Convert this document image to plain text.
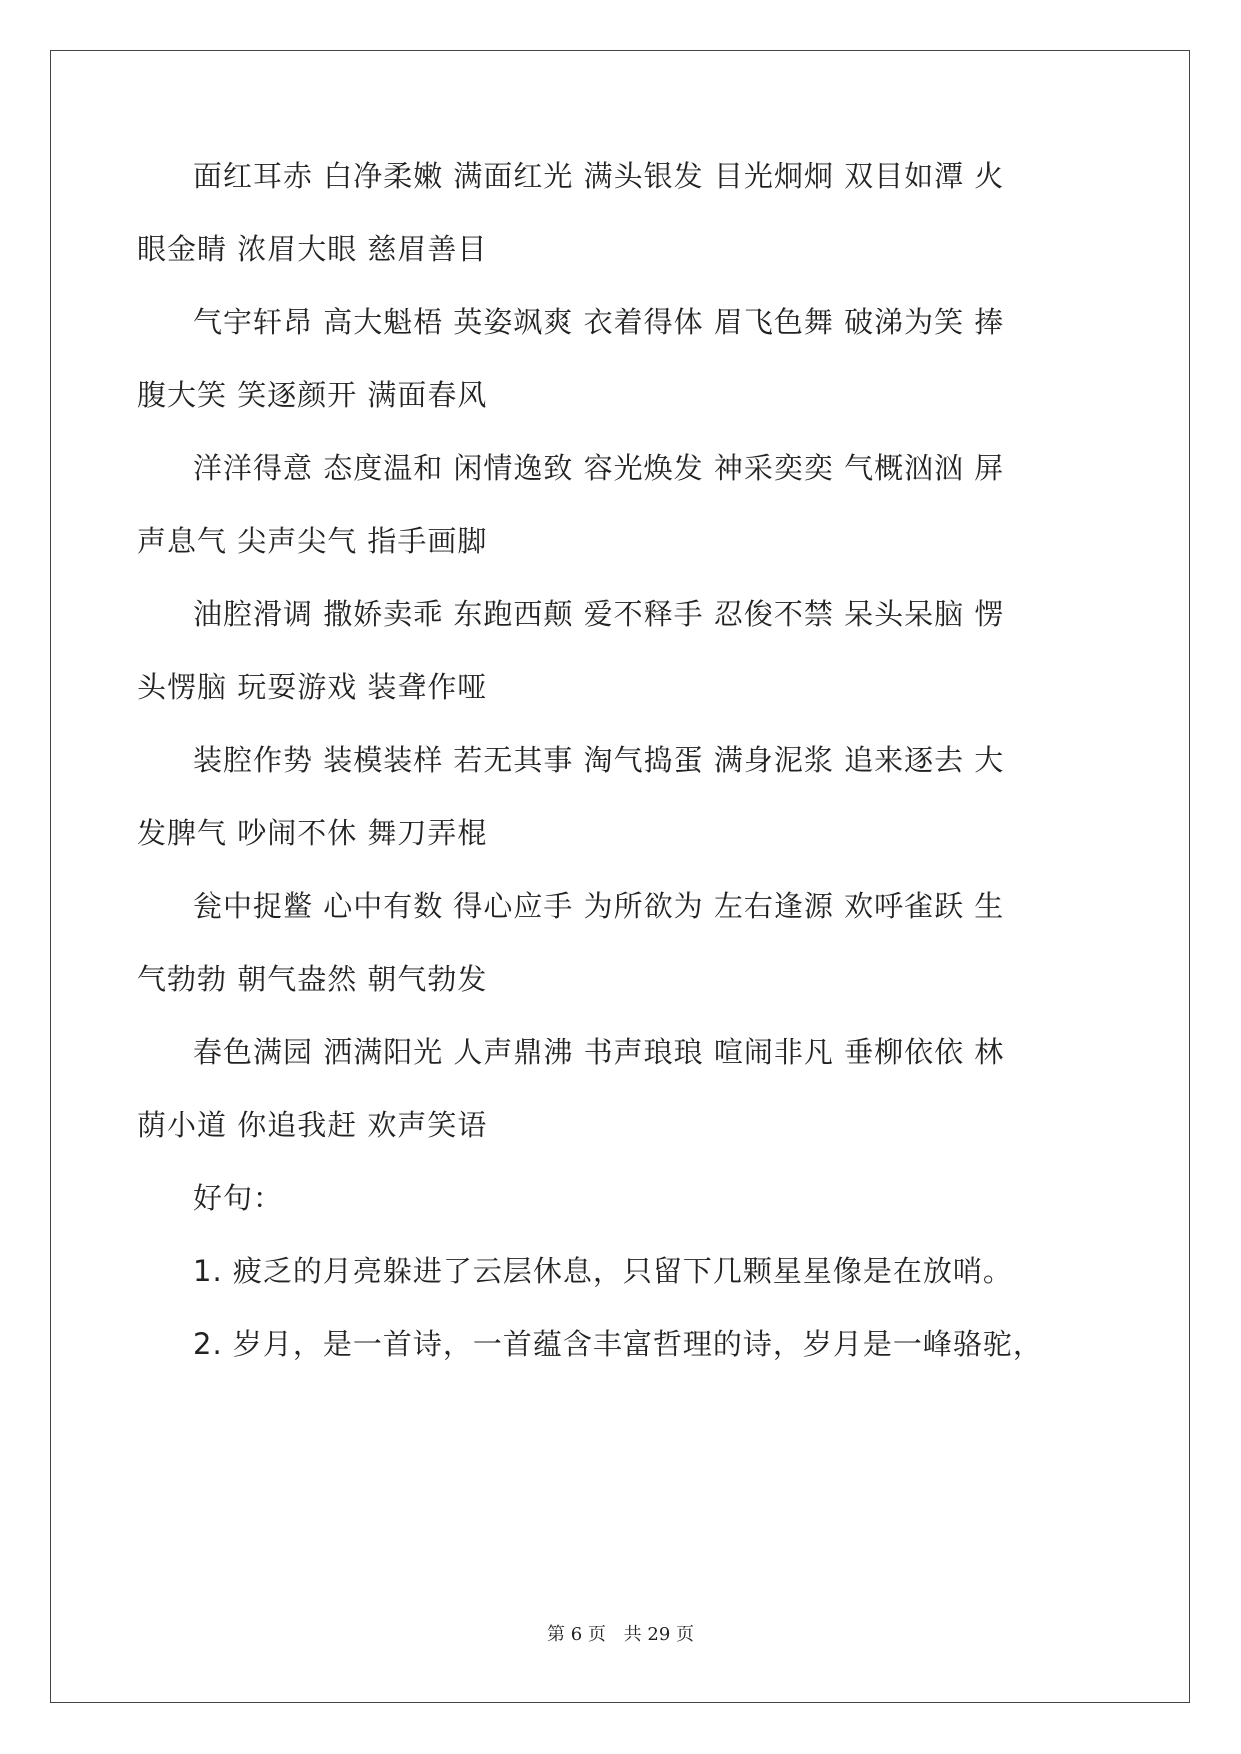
面红耳赤 白净柔嫩 满面红光 满头银发 目光炯炯 双目如潭 火
眼金睛 浓眉大眼 慈眉善目
气宇轩昂 高大魁梧 英姿飒爽 衣着得体 眉飞色舞 破涕为笑 捧
腹大笑 笑逐颜开 满面春风
洋洋得意 态度温和 闲情逸致 容光焕发 神采奕奕 气概汹汹 屏
声息气 尖声尖气 指手画脚
油腔滑调 撒娇卖乖 东跑西颠 爱不释手 忍俊不禁 呆头呆脑 愣
头愣脑 玩耍游戏 装聋作哑
装腔作势 装模装样 若无其事 淘气捣蛋 满身泥浆 追来逐去 大
发脾气 吵闹不休 舞刀弄棍
瓮中捉鳖 心中有数 得心应手 为所欲为 左右逢源 欢呼雀跃 生
气勃勃 朝气盎然 朝气勃发
春色满园 洒满阳光 人声鼎沸 书声琅琅 喧闹非凡 垂柳依依 林
荫小道 你追我赶 欢声笑语
好句：
1. 疲乏的月亮躲进了云层休息，只留下几颗星星像是在放哨。
2. 岁月，是一首诗，一首蕴含丰富哲理的诗，岁月是一峰骆驼，
第 6 页 共 29 页
